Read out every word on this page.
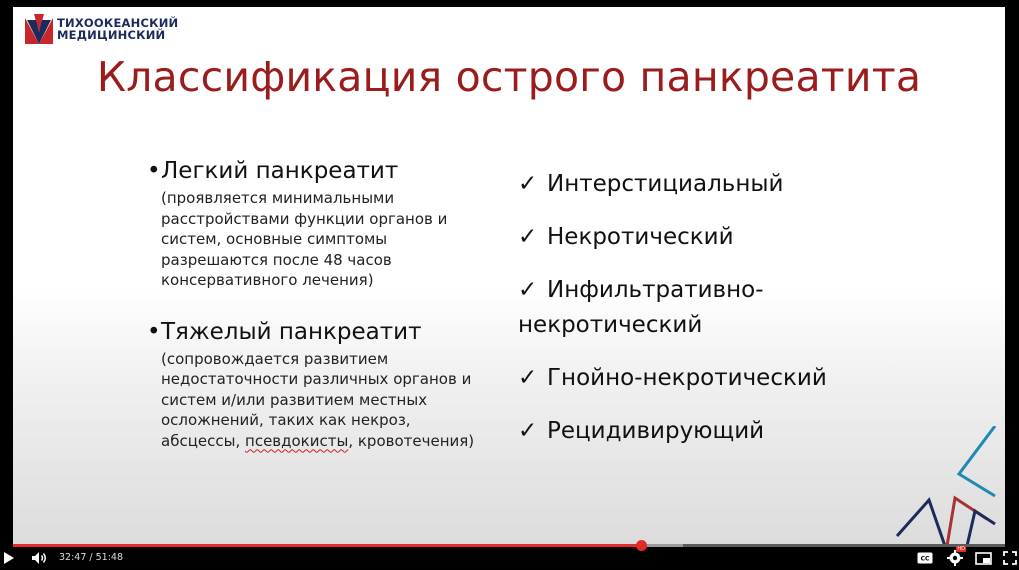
ТИХООКЕАНСКИЙ
МЕДИЦИНСКИЙ
Классификация острого панкреатита
•Легкий панкреатит
(проявляется минимальными
расстройствами функции органов и
систем, основные симптомы
разрешаются после 48 часов
консервативного лечения)
•Тяжелый панкреатит
(сопровождается развитием
недостаточности различных органов и
систем и/или развитием местных
осложнений, таких как некроз,
абсцессы, псевдокисты, кровотечения)
✓ Интерстициальный
✓ Некротический
✓ Инфильтративно-
некротический
✓ Гнойно-некротический
✓ Рецидивирующий
32:47 / 51:48	CC
HD
